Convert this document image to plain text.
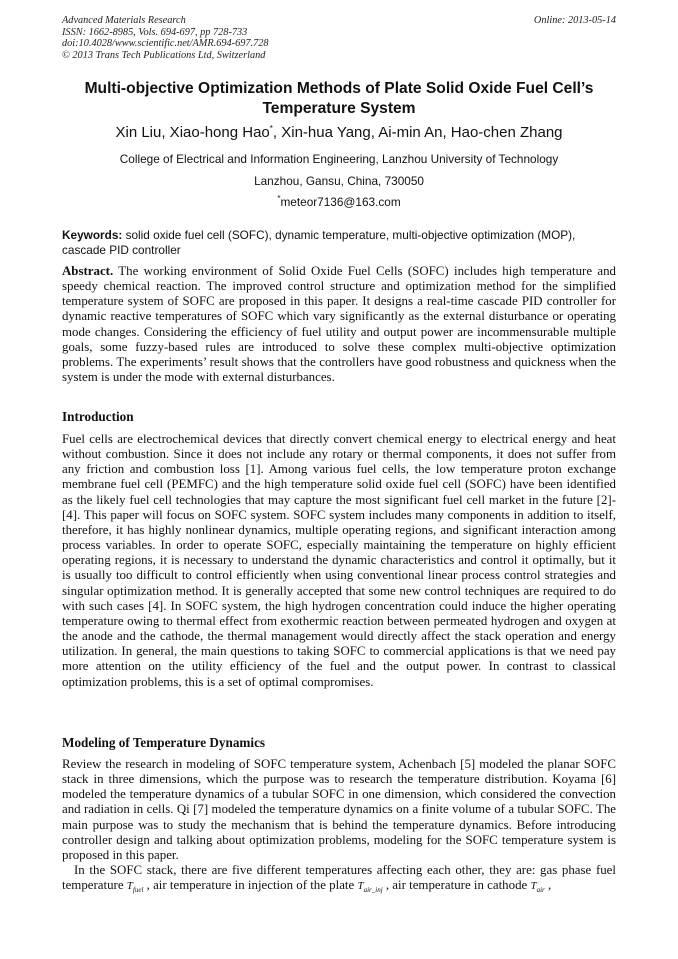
Advanced Materials Research
ISSN: 1662-8985, Vols. 694-697, pp 728-733
doi:10.4028/www.scientific.net/AMR.694-697.728
© 2013 Trans Tech Publications Ltd, Switzerland
Online: 2013-05-14
Multi-objective Optimization Methods of Plate Solid Oxide Fuel Cell’s Temperature System
Xin Liu, Xiao-hong Hao*, Xin-hua Yang, Ai-min An, Hao-chen Zhang
College of Electrical and Information Engineering, Lanzhou University of Technology
Lanzhou, Gansu, China, 730050
*meteor7136@163.com
Keywords: solid oxide fuel cell (SOFC), dynamic temperature, multi-objective optimization (MOP), cascade PID controller
Abstract. The working environment of Solid Oxide Fuel Cells (SOFC) includes high temperature and speedy chemical reaction. The improved control structure and optimization method for the simplified temperature system of SOFC are proposed in this paper. It designs a real-time cascade PID controller for dynamic reactive temperatures of SOFC which vary significantly as the external disturbance or operating mode changes. Considering the efficiency of fuel utility and output power are incommensurable multiple goals, some fuzzy-based rules are introduced to solve these complex multi-objective optimization problems. The experiments’ result shows that the controllers have good robustness and quickness when the system is under the mode with external disturbances.
Introduction
Fuel cells are electrochemical devices that directly convert chemical energy to electrical energy and heat without combustion. Since it does not include any rotary or thermal components, it does not suffer from any friction and combustion loss [1]. Among various fuel cells, the low temperature proton exchange membrane fuel cell (PEMFC) and the high temperature solid oxide fuel cell (SOFC) have been identified as the likely fuel cell technologies that may capture the most significant fuel cell market in the future [2]-[4]. This paper will focus on SOFC system. SOFC system includes many components in addition to itself, therefore, it has highly nonlinear dynamics, multiple operating regions, and significant interaction among process variables. In order to operate SOFC, especially maintaining the temperature on highly efficient operating regions, it is necessary to understand the dynamic characteristics and control it optimally, but it is usually too difficult to control efficiently when using conventional linear process control strategies and singular optimization method. It is generally accepted that some new control techniques are required to do with such cases [4]. In SOFC system, the high hydrogen concentration could induce the higher operating temperature owing to thermal effect from exothermic reaction between permeated hydrogen and oxygen at the anode and the cathode, the thermal management would directly affect the stack operation and energy utilization. In general, the main questions to taking SOFC to commercial applications is that we need pay more attention on the utility efficiency of the fuel and the output power. In contrast to classical optimization problems, this is a set of optimal compromises.
Modeling of Temperature Dynamics
Review the research in modeling of SOFC temperature system, Achenbach [5] modeled the planar SOFC stack in three dimensions, which the purpose was to research the temperature distribution. Koyama [6] modeled the temperature dynamics of a tubular SOFC in one dimension, which considered the convection and radiation in cells. Qi [7] modeled the temperature dynamics on a finite volume of a tubular SOFC. The main purpose was to study the mechanism that is behind the temperature dynamics. Before introducing controller design and talking about optimization problems, modeling for the SOFC temperature system is proposed in this paper.
In the SOFC stack, there are five different temperatures affecting each other, they are: gas phase fuel temperature $T_{fuel}$ , air temperature in injection of the plate $T_{air\_inj}$ , air temperature in cathode $T_{air}$ ,
